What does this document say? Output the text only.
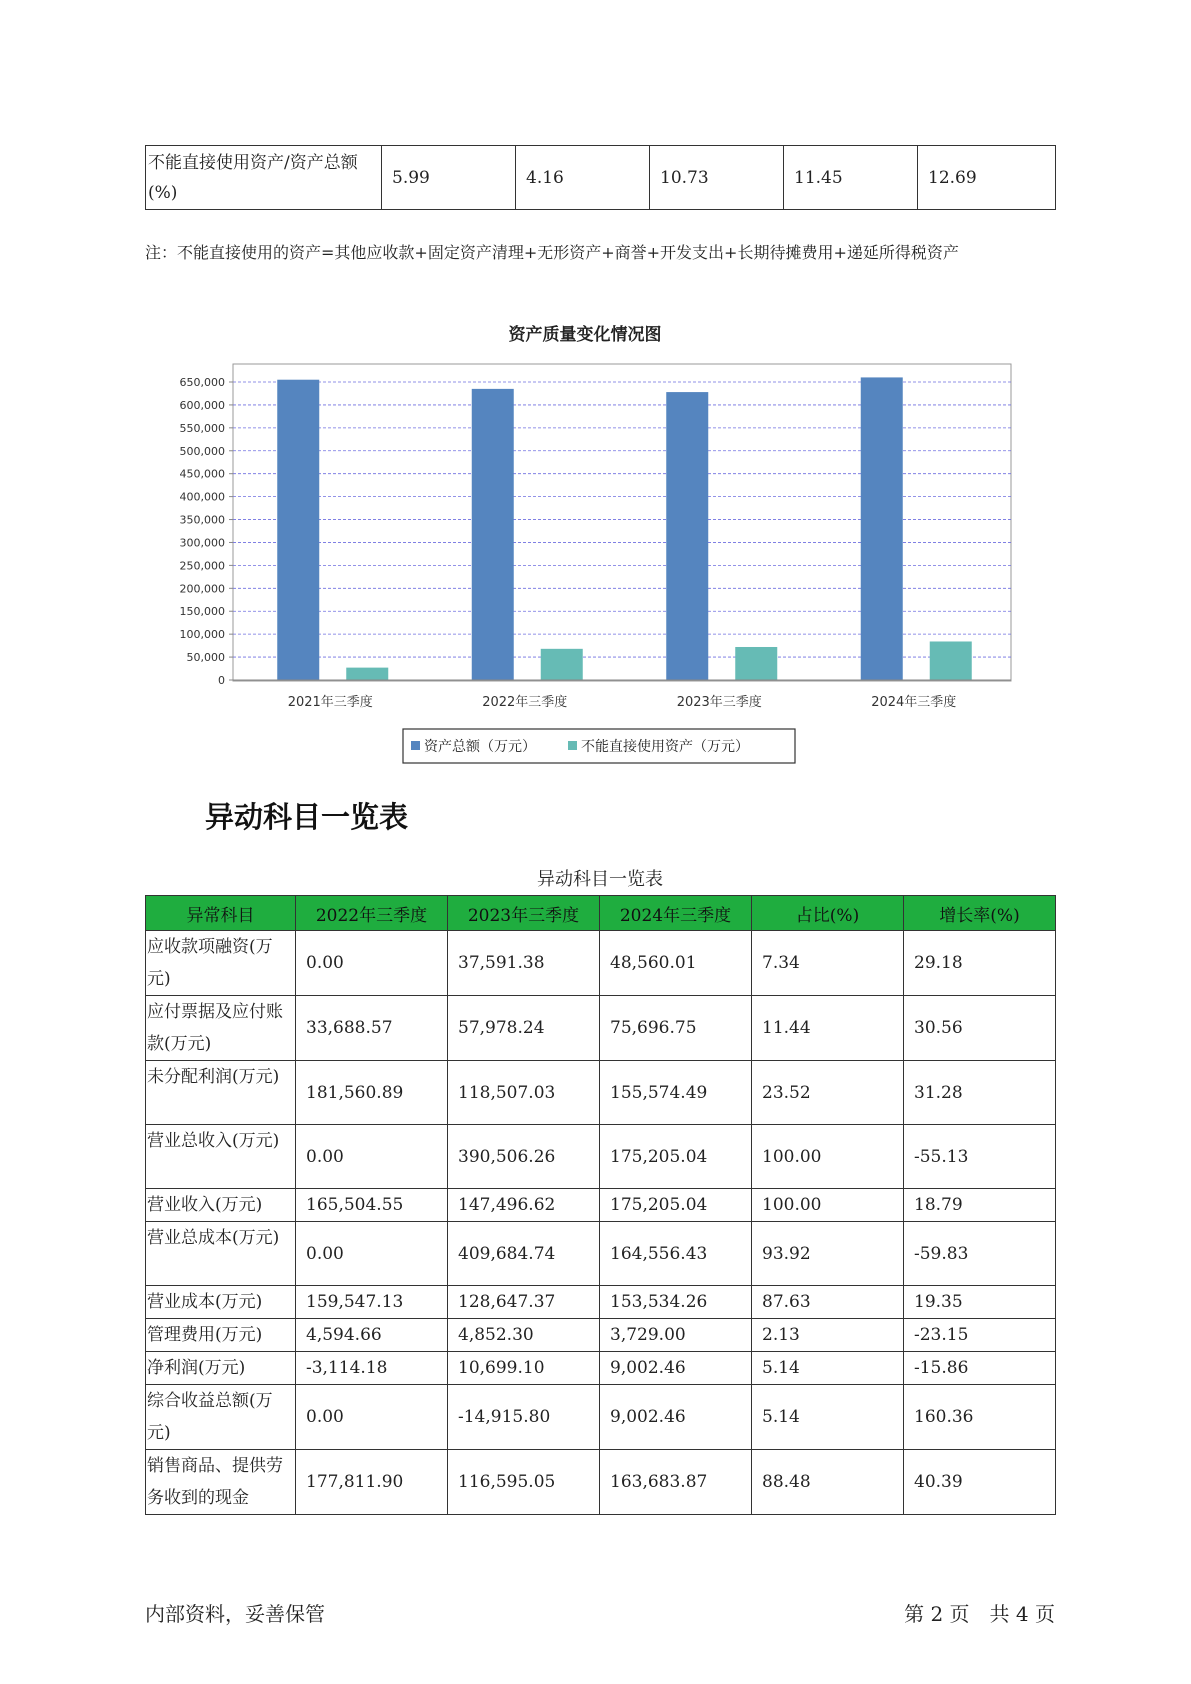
不能直接使用资产/资产总额(%)	5.99	4.16	10.73	11.45	12.69
注：不能直接使用的资产=其他应收款+固定资产清理+无形资产+商誉+开发支出+长期待摊费用+递延所得税资产
资产质量变化情况图
0
50,000
100,000
150,000
200,000
250,000
300,000
350,000
400,000
450,000
500,000
550,000
600,000
650,000
2021年三季度	2022年三季度	2023年三季度	2024年三季度
资产总额（万元）	不能直接使用资产（万元）
异动科目一览表
异动科目一览表
异常科目	2022年三季度	2023年三季度	2024年三季度	占比(%)	增长率(%)
应收款项融资(万元)	0.00	37,591.38	48,560.01	7.34	29.18
应付票据及应付账款(万元)	33,688.57	57,978.24	75,696.75	11.44	30.56
未分配利润(万元)	181,560.89	118,507.03	155,574.49	23.52	31.28
营业总收入(万元)	0.00	390,506.26	175,205.04	100.00	-55.13
营业收入(万元)	165,504.55	147,496.62	175,205.04	100.00	18.79
营业总成本(万元)	0.00	409,684.74	164,556.43	93.92	-59.83
营业成本(万元)	159,547.13	128,647.37	153,534.26	87.63	19.35
管理费用(万元)	4,594.66	4,852.30	3,729.00	2.13	-23.15
净利润(万元)	-3,114.18	10,699.10	9,002.46	5.14	-15.86
综合收益总额(万元)	0.00	-14,915.80	9,002.46	5.14	160.36
销售商品、提供劳务收到的现金	177,811.90	116,595.05	163,683.87	88.48	40.39
内部资料，妥善保管	第 2 页　共 4 页
